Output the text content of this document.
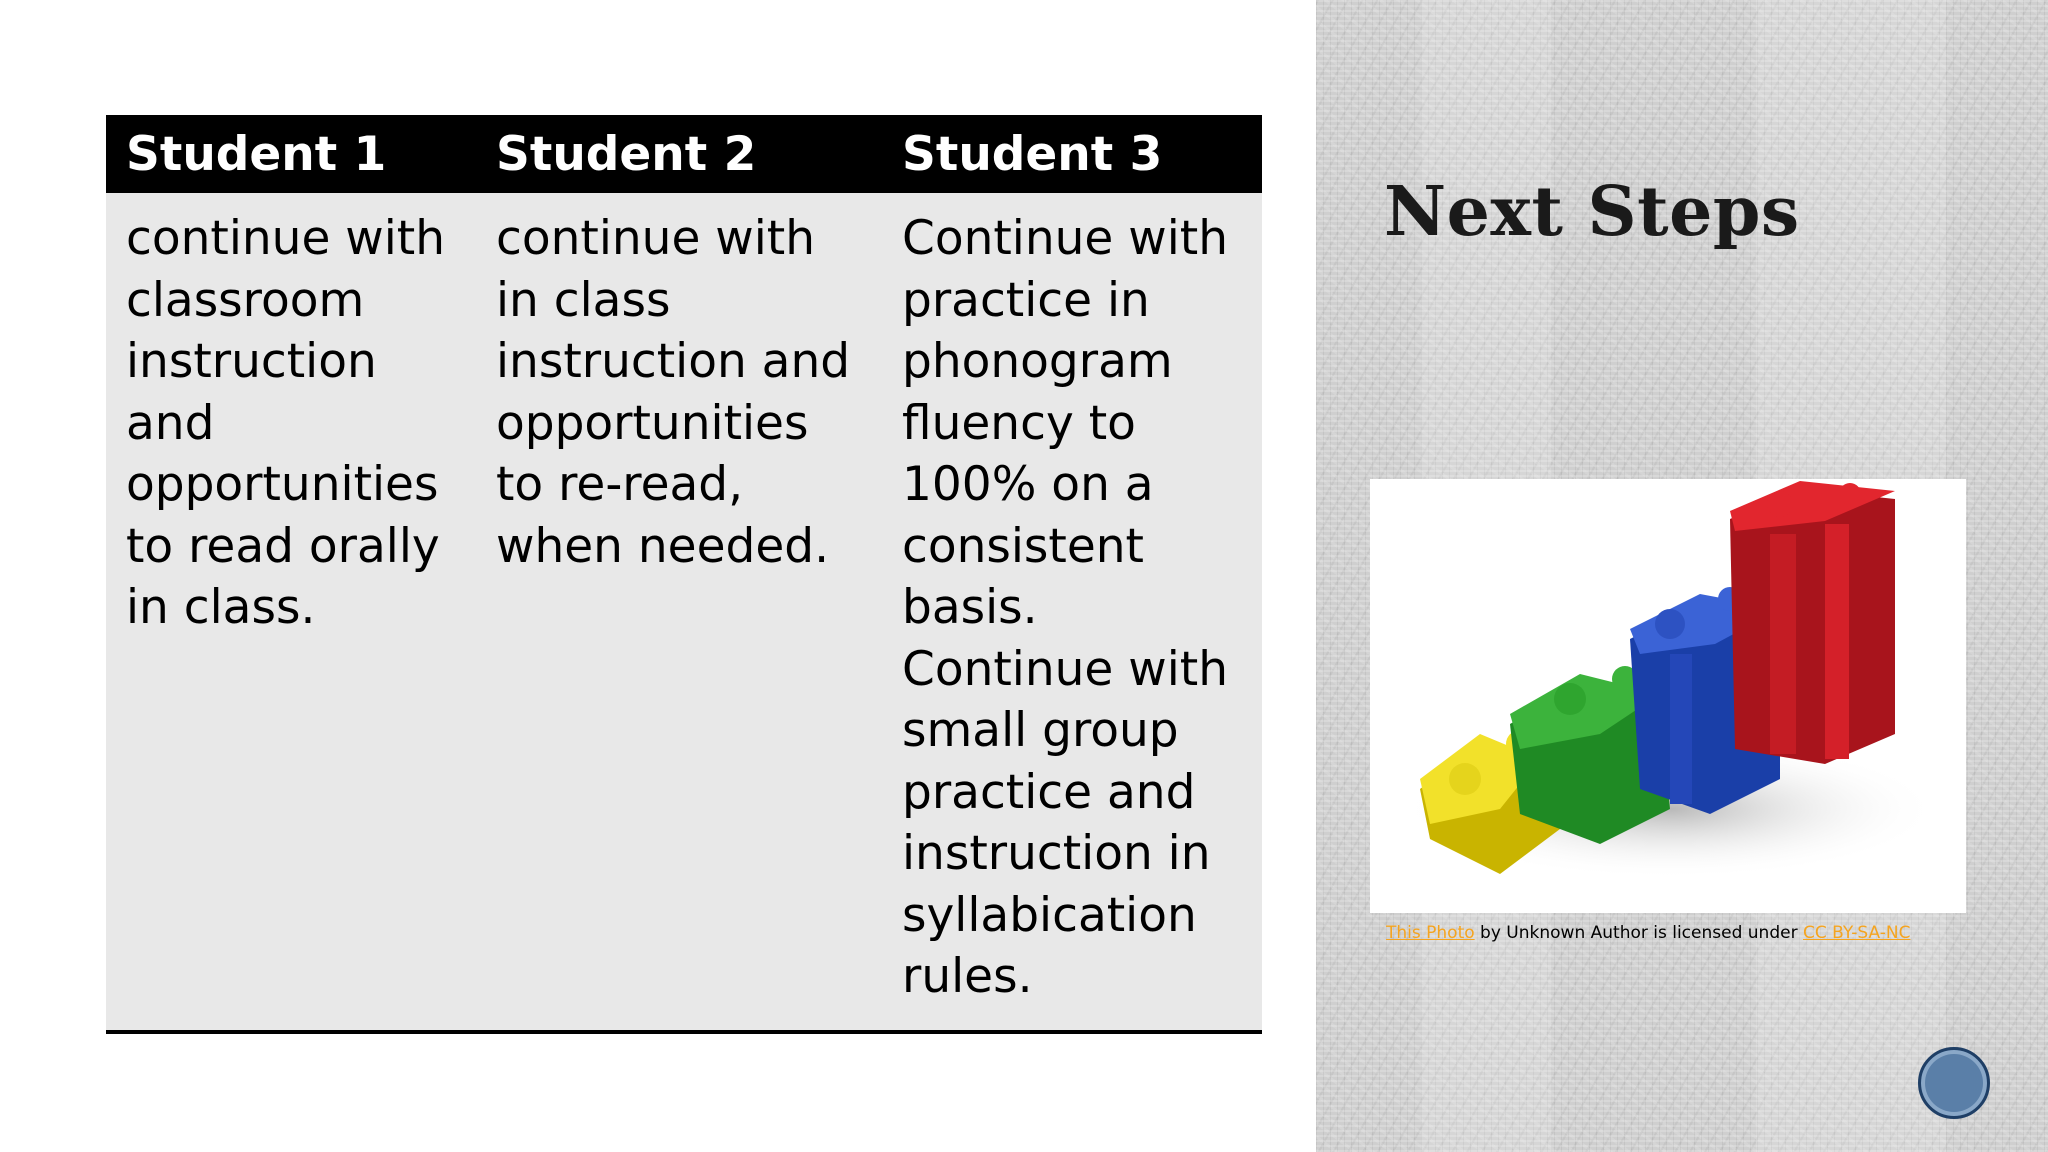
Student 1	Student 2	Student 3
continue with classroom instruction and opportunities to read orally in class.	continue with in class instruction and opportunities to re-read, when needed.	Continue with practice in phonogram fluency to 100% on a consistent basis. Continue with small group practice and instruction in syllabication rules.
Next Steps
This Photo by Unknown Author is licensed under CC BY-SA-NC
